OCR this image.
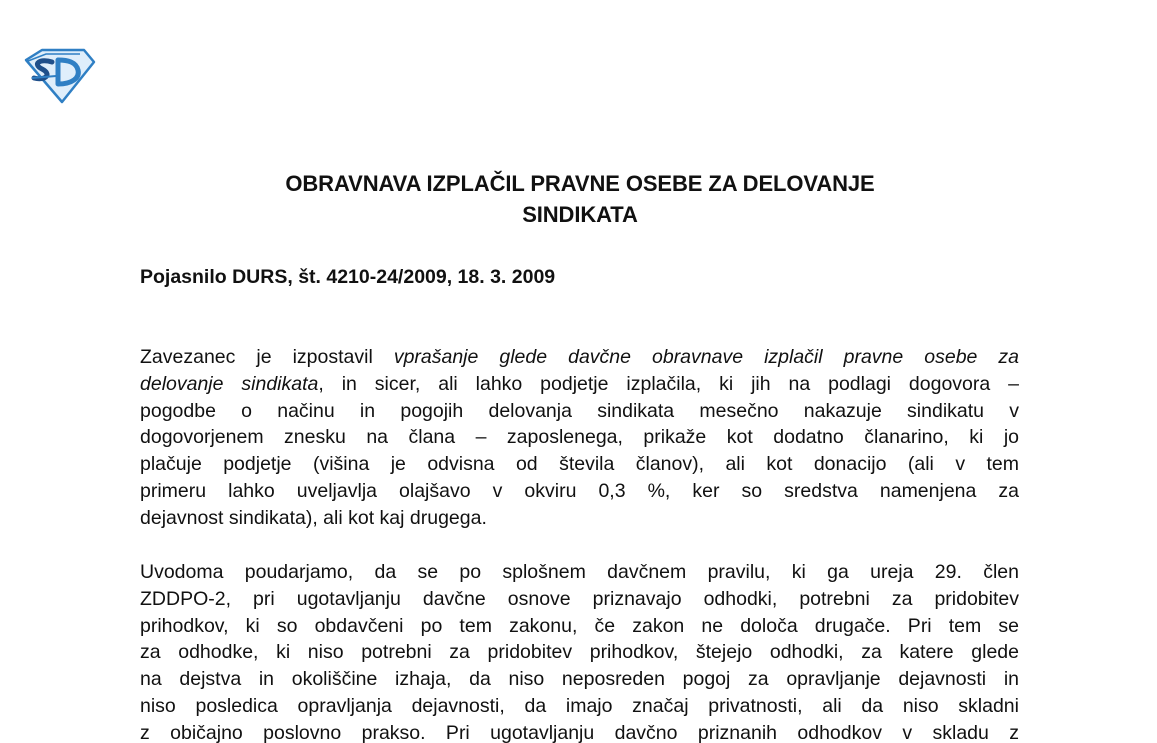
OBRAVNAVA IZPLAČIL PRAVNE OSEBE ZA DELOVANJE
SINDIKATA
Pojasnilo DURS, št. 4210-24/2009, 18. 3. 2009
Zavezanec je izpostavil vprašanje glede davčne obravnave izplačil pravne osebe za
delovanje sindikata, in sicer, ali lahko podjetje izplačila, ki jih na podlagi dogovora –
pogodbe o načinu in pogojih delovanja sindikata mesečno nakazuje sindikatu v
dogovorjenem znesku na člana – zaposlenega, prikaže kot dodatno članarino, ki jo
plačuje podjetje (višina je odvisna od števila članov), ali kot donacijo (ali v tem
primeru lahko uveljavlja olajšavo v okviru 0,3 %, ker so sredstva namenjena za
dejavnost sindikata), ali kot kaj drugega.
Uvodoma poudarjamo, da se po splošnem davčnem pravilu, ki ga ureja 29. člen
ZDDPO-2, pri ugotavljanju davčne osnove priznavajo odhodki, potrebni za pridobitev
prihodkov, ki so obdavčeni po tem zakonu, če zakon ne določa drugače. Pri tem se
za odhodke, ki niso potrebni za pridobitev prihodkov, štejejo odhodki, za katere glede
na dejstva in okoliščine izhaja, da niso neposreden pogoj za opravljanje dejavnosti in
niso posledica opravljanja dejavnosti, da imajo značaj privatnosti, ali da niso skladni
z običajno poslovno prakso. Pri ugotavljanju davčno priznanih odhodkov v skladu z
